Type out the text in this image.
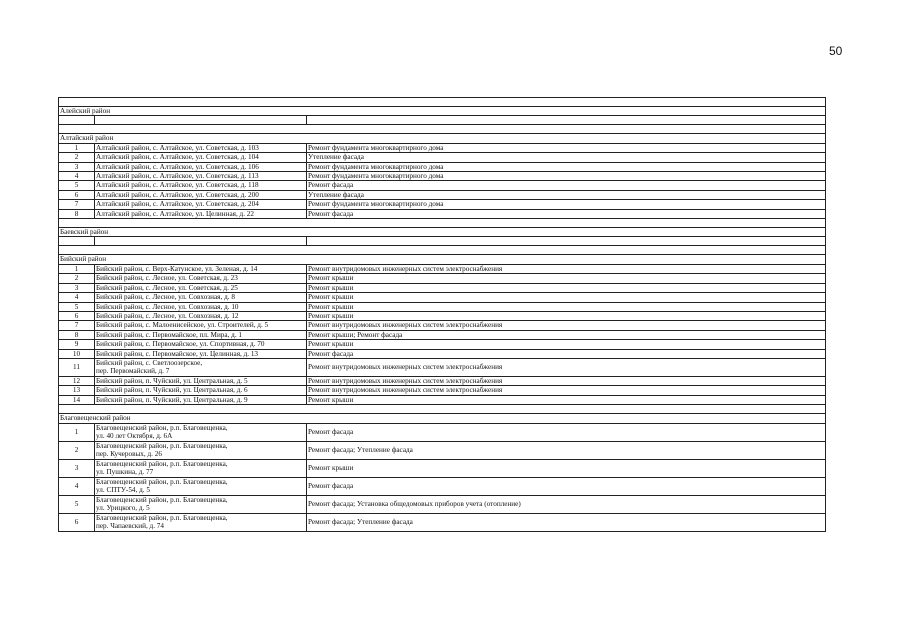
50

Алейский район		

Алтайский район		
1	Алтайский район, с. Алтайское, ул. Советская, д. 103	Ремонт фундамента многоквартирного дома
2	Алтайский район, с. Алтайское, ул. Советская, д. 104	Утепление фасада
3	Алтайский район, с. Алтайское, ул. Советская, д. 106	Ремонт фундамента многоквартирного дома
4	Алтайский район, с. Алтайское, ул. Советская, д. 113	Ремонт фундамента многоквартирного дома
5	Алтайский район, с. Алтайское, ул. Советская, д. 118	Ремонт фасада
6	Алтайский район, с. Алтайское, ул. Советская, д. 200	Утепление фасада
7	Алтайский район, с. Алтайское, ул. Советская, д. 204	Ремонт фундамента многоквартирного дома
8	Алтайский район, с. Алтайское, ул. Целинная, д. 22	Ремонт фасада

Баевский район		

Бийский район		
1	Бийский район, с. Верх-Катунское, ул. Зеленая, д. 14	Ремонт внутридомовых инженерных систем электроснабжения
2	Бийский район, с. Лесное, ул. Советская, д. 23	Ремонт крыши
3	Бийский район, с. Лесное, ул. Советская, д. 25	Ремонт крыши
4	Бийский район, с. Лесное, ул. Совхозная, д. 8	Ремонт крыши
5	Бийский район, с. Лесное, ул. Совхозная, д. 10	Ремонт крыши
6	Бийский район, с. Лесное, ул. Совхозная, д. 12	Ремонт крыши
7	Бийский район, с. Малоенисейское, ул. Строителей, д. 5	Ремонт внутридомовых инженерных систем электроснабжения
8	Бийский район, с. Первомайское, пл. Мира, д. 1	Ремонт крыши; Ремонт фасада
9	Бийский район, с. Первомайское, ул. Спортивная, д. 70	Ремонт крыши
10	Бийский район, с. Первомайское, ул. Целинная, д. 13	Ремонт фасада
11	Бийский район, с. Светлоозерское,
пер. Первомайский, д. 7	Ремонт внутридомовых инженерных систем электроснабжения
12	Бийский район, п. Чуйский, ул. Центральная, д. 5	Ремонт внутридомовых инженерных систем электроснабжения
13	Бийский район, п. Чуйский, ул. Центральная, д. 6	Ремонт внутридомовых инженерных систем электроснабжения
14	Бийский район, п. Чуйский, ул. Центральная, д. 9	Ремонт крыши

Благовещенский район		
1	Благовещенский район, р.п. Благовещенка,
ул. 40 лет Октября, д. 6А	Ремонт фасада
2	Благовещенский район, р.п. Благовещенка,
пер. Кучеровых, д. 26	Ремонт фасада; Утепление фасада
3	Благовещенский район, р.п. Благовещенка,
ул. Пушкина, д. 77	Ремонт крыши
4	Благовещенский район, р.п. Благовещенка,
ул. СПТУ-54, д. 5	Ремонт фасада
5	Благовещенский район, р.п. Благовещенка,
ул. Урицкого, д. 5	Ремонт фасада; Установка общедомовых приборов учета (отопление)
6	Благовещенский район, р.п. Благовещенка,
пер. Чапаевский, д. 74	Ремонт фасада; Утепление фасада
